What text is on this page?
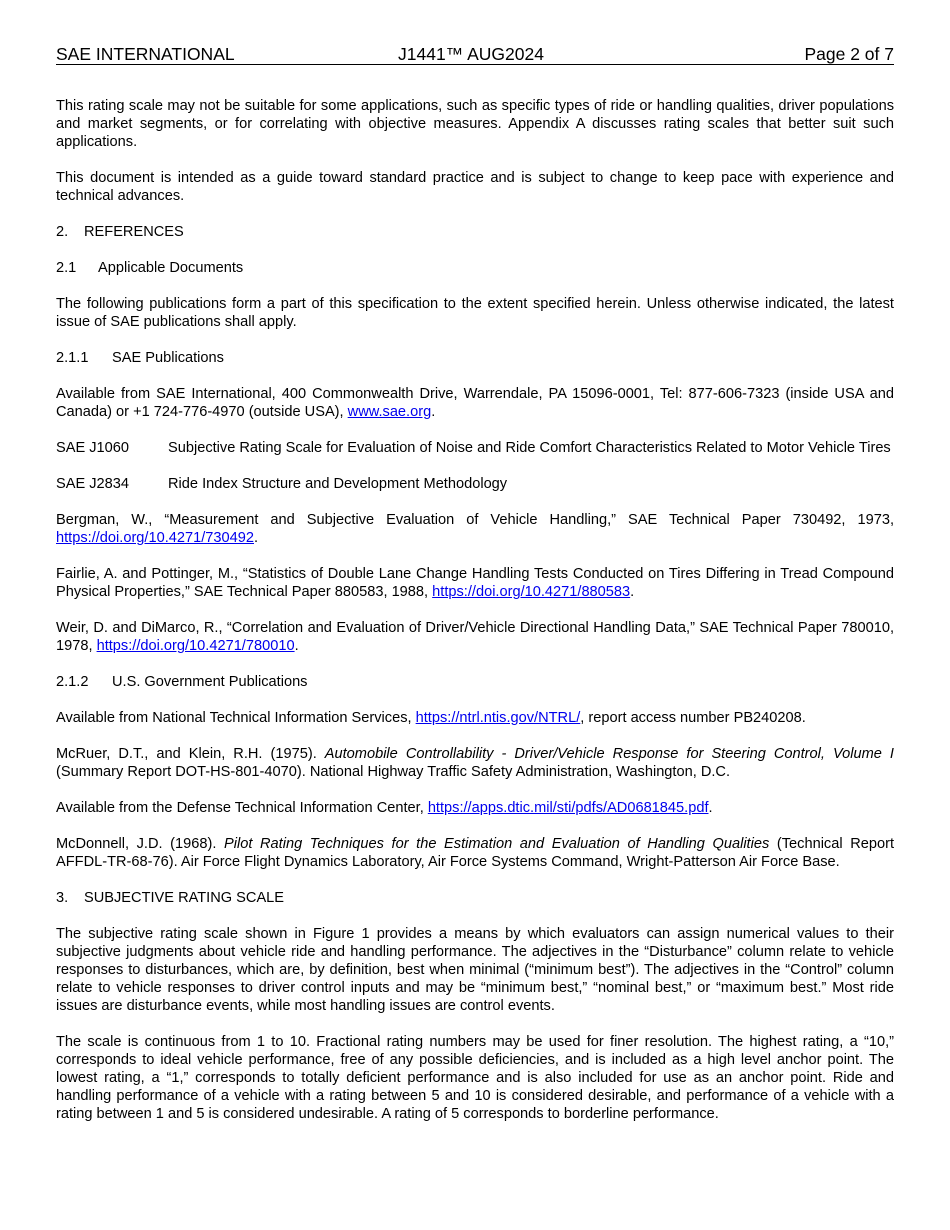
SAE INTERNATIONAL	J1441™ AUG2024	Page 2 of 7

This rating scale may not be suitable for some applications, such as specific types of ride or handling qualities, driver populations and market segments, or for correlating with objective measures. Appendix A discusses rating scales that better suit such applications.

This document is intended as a guide toward standard practice and is subject to change to keep pace with experience and technical advances.

2. REFERENCES
2.1 Applicable Documents

The following publications form a part of this specification to the extent specified herein. Unless otherwise indicated, the latest issue of SAE publications shall apply.

2.1.1 SAE Publications

Available from SAE International, 400 Commonwealth Drive, Warrendale, PA 15096-0001, Tel: 877-606-7323 (inside USA and Canada) or +1 724-776-4970 (outside USA), www.sae.org.

SAE J1060	Subjective Rating Scale for Evaluation of Noise and Ride Comfort Characteristics Related to Motor Vehicle Tires
SAE J2834	Ride Index Structure and Development Methodology

Bergman, W., “Measurement and Subjective Evaluation of Vehicle Handling,” SAE Technical Paper 730492, 1973, https://doi.org/10.4271/730492.

Fairlie, A. and Pottinger, M., “Statistics of Double Lane Change Handling Tests Conducted on Tires Differing in Tread Compound Physical Properties,” SAE Technical Paper 880583, 1988, https://doi.org/10.4271/880583.

Weir, D. and DiMarco, R., “Correlation and Evaluation of Driver/Vehicle Directional Handling Data,” SAE Technical Paper 780010, 1978, https://doi.org/10.4271/780010.

2.1.2 U.S. Government Publications

Available from National Technical Information Services, https://ntrl.ntis.gov/NTRL/, report access number PB240208.

McRuer, D.T., and Klein, R.H. (1975). Automobile Controllability - Driver/Vehicle Response for Steering Control, Volume I (Summary Report DOT-HS-801-4070). National Highway Traffic Safety Administration, Washington, D.C.

Available from the Defense Technical Information Center, https://apps.dtic.mil/sti/pdfs/AD0681845.pdf.

McDonnell, J.D. (1968). Pilot Rating Techniques for the Estimation and Evaluation of Handling Qualities (Technical Report AFFDL-TR-68-76). Air Force Flight Dynamics Laboratory, Air Force Systems Command, Wright-Patterson Air Force Base.

3. SUBJECTIVE RATING SCALE

The subjective rating scale shown in Figure 1 provides a means by which evaluators can assign numerical values to their subjective judgments about vehicle ride and handling performance. The adjectives in the “Disturbance” column relate to vehicle responses to disturbances, which are, by definition, best when minimal (“minimum best”). The adjectives in the “Control” column relate to vehicle responses to driver control inputs and may be “minimum best,” “nominal best,” or “maximum best.” Most ride issues are disturbance events, while most handling issues are control events.

The scale is continuous from 1 to 10. Fractional rating numbers may be used for finer resolution. The highest rating, a “10,” corresponds to ideal vehicle performance, free of any possible deficiencies, and is included as a high level anchor point. The lowest rating, a “1,” corresponds to totally deficient performance and is also included for use as an anchor point. Ride and handling performance of a vehicle with a rating between 5 and 10 is considered desirable, and performance of a vehicle with a rating between 1 and 5 is considered undesirable. A rating of 5 corresponds to borderline performance.
